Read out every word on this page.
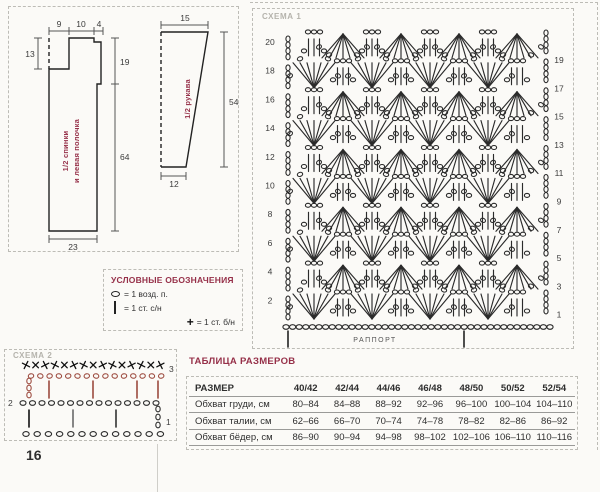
9 10 4
13
19
64
23
1/2 спинки и левая полочка
15
54
12
1/2 рукава
УСЛОВНЫЕ ОБОЗНАЧЕНИЯ
= 1 возд. п.
= 1 ст. с/н
+ = 1 ст. б/н
20
18
16
14
12
10
8
6
4
2
19
17
15
13
11
9
7
5
3
1
СХЕМА 1
РАППОРТ
СХЕМА 2
3
2
1
ТАБЛИЦА РАЗМЕРОВ
РАЗМЕР	40/42	42/44	44/46	46/48	48/50	50/52	52/54
Обхват груди, см	80–84	84–88	88–92	92–96	96–100	100–104	104–110
Обхват талии, см	62–66	66–70	70–74	74–78	78–82	82–86	86–92
Обхват бёдер, см	86–90	90–94	94–98	98–102	102–106	106–110	110–116
16
